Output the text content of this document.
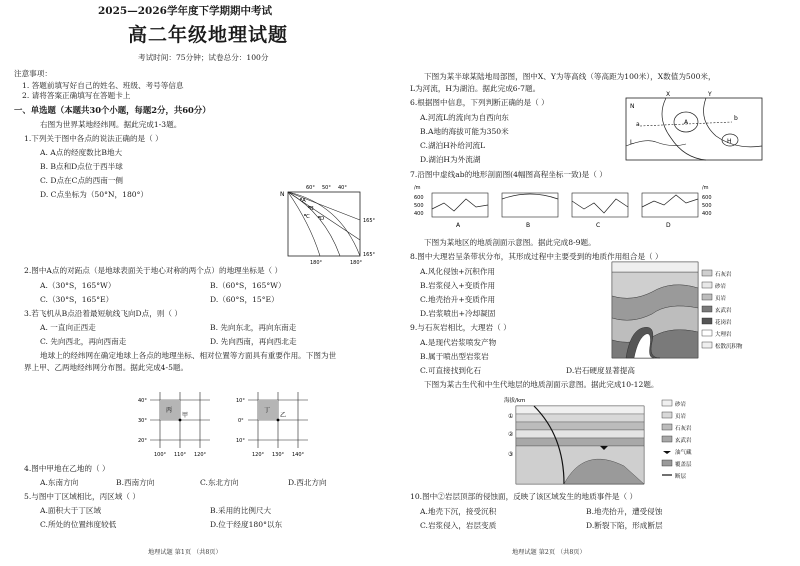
2025—2026学年度下学期期中考试
高二年级地理试题
考试时间：75分钟；试卷总分：100分
注意事项：
1. 答题前填写好自己的姓名、班级、考号等信息
2. 请将答案正确填写在答题卡上
一、单选题（本题共30个小题，每题2分，共60分）
右图为世界某地经纬网。据此完成1-3题。
1.下列关于图中各点的说法正确的是（ ）
A. A点的经度数比B地大
B. B点和D点位于西半球
C. D点在C点的西南一侧
D. C点坐标为（50°N，180°）	N
60° 50° 40°
165°
165°
180°	180°
A
B
C D
2.图中A点的对跖点（是地球表面关于地心对称的两个点）的地理坐标是（ ）
A.（30°S，165°W）	B.（60°S，165°W）
C.（30°S，165°E）	D.（60°S，15°E）
3.若飞机从B点沿着最短航线飞向D点，则（ ）
A. 一直向正西走	B. 先向东北，再向东南走
C. 先向西北，再向西南走	D. 先向西南，再向西北走
地球上的经纬网在确定地球上各点的地理坐标、相对位置等方面具有重要作用。下图为世
界上甲、乙两地经纬网分布图。据此完成4-5题。
丙
甲
40°
30°
20°
100° 110° 120°
丁
乙
10°
0°
10°
120° 130° 140°
4.图中甲地在乙地的（ ）
A.东南方向	B.西南方向	C.东北方向	D.西北方向
5.与图中丁区域相比，丙区域（ ）
A.面积大于丁区域	B.采用的比例尺大
C.所处的位置纬度较低	D.位于经度180°以东
地理试题 第1页 （共8页）
下图为某半球某陆地局部图，图中X、Y为等高线（等高距为100米），X数值为500米，
L为河流，H为湖泊。据此完成6-7题。
6.根据图中信息，下列判断正确的是（ ）
A.河流L的流向为自西向东
B.A地的海拔可能为350米
C.湖泊H补给河流L
D.湖泊H为外流湖
N
X	Y
A
a
b
L	H
7.沿图中虚线ab的地形剖面图(4幅图高程坐标一致)是（ ）
/m
600
500
400
A	B	C	D
/m
600
500
400
下图为某地区的地质剖面示意图。据此完成8-9题。
8.图中大理岩呈条带状分布，其形成过程中主要受到的地质作用组合是（ ）
A.风化侵蚀+沉积作用
B.岩浆侵入+变质作用
C.地壳抬升+变质作用
D.岩浆喷出+冷却凝固
石灰岩
砂岩
页岩
玄武岩
花岗岩
大理岩
松散沉积物
9.与石灰岩相比，大理岩（ ）
A.是现代岩浆喷发产物
B.属于喷出型岩浆岩
C.可直接找到化石	D.岩石硬度显著提高
下图为某古生代和中生代地层的地质剖面示意图。据此完成10-12题。
海拔/km
①
②
③
砂岩
页岩
石灰岩
玄武岩
油气藏
覆盖层
断层
10.图中②岩层顶部的侵蚀面，反映了该区域发生的地质事件是（ ）
A.地壳下沉，接受沉积	B.地壳抬升，遭受侵蚀
C.岩浆侵入，岩层变质	D.断裂下陷，形成断层
地理试题 第2页 （共8页）
